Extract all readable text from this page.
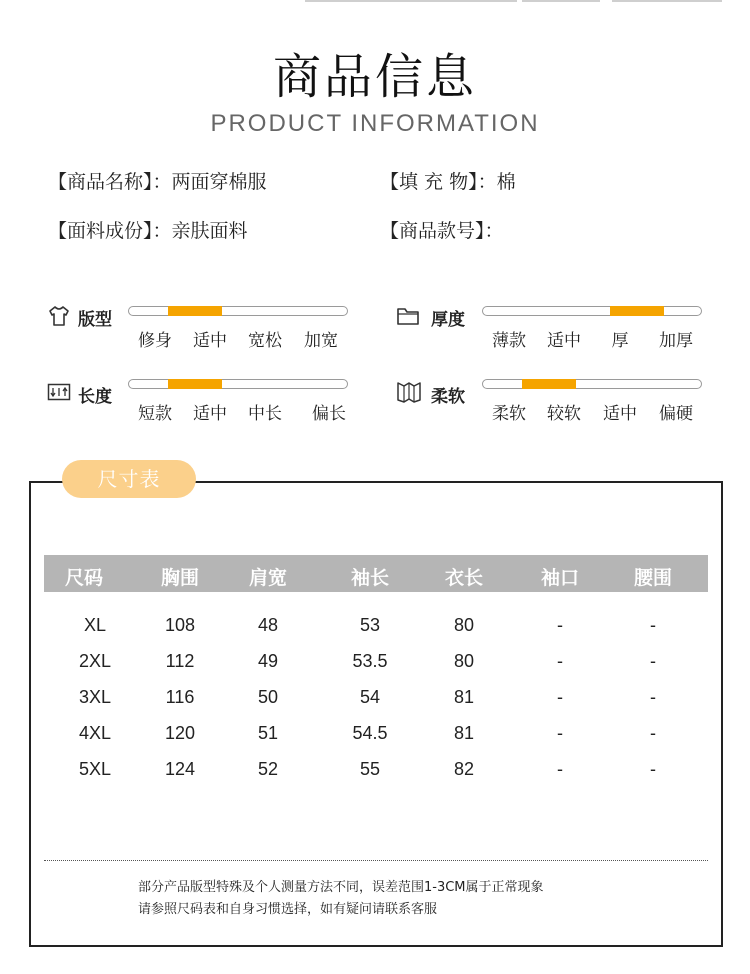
商品信息
PRODUCT INFORMATION
【商品名称】：两面穿棉服	【填 充 物】：棉
【面料成份】：亲肤面料	【商品款号】：
版型
修身 适中 宽松 加宽
厚度
薄款 适中 厚 加厚
长度
短款 适中 中长 偏长
柔软
柔软 较软 适中 偏硬
尺寸表
尺码	胸围	肩宽	袖长	衣长	袖口	腰围
XL	108	48	53	80	-	-
2XL	112	49	53.5	80	-	-
3XL	116	50	54	81	-	-
4XL	120	51	54.5	81	-	-
5XL	124	52	55	82	-	-
部分产品版型特殊及个人测量方法不同，误差范围1-3CM属于正常现象
请参照尺码表和自身习惯选择，如有疑问请联系客服
